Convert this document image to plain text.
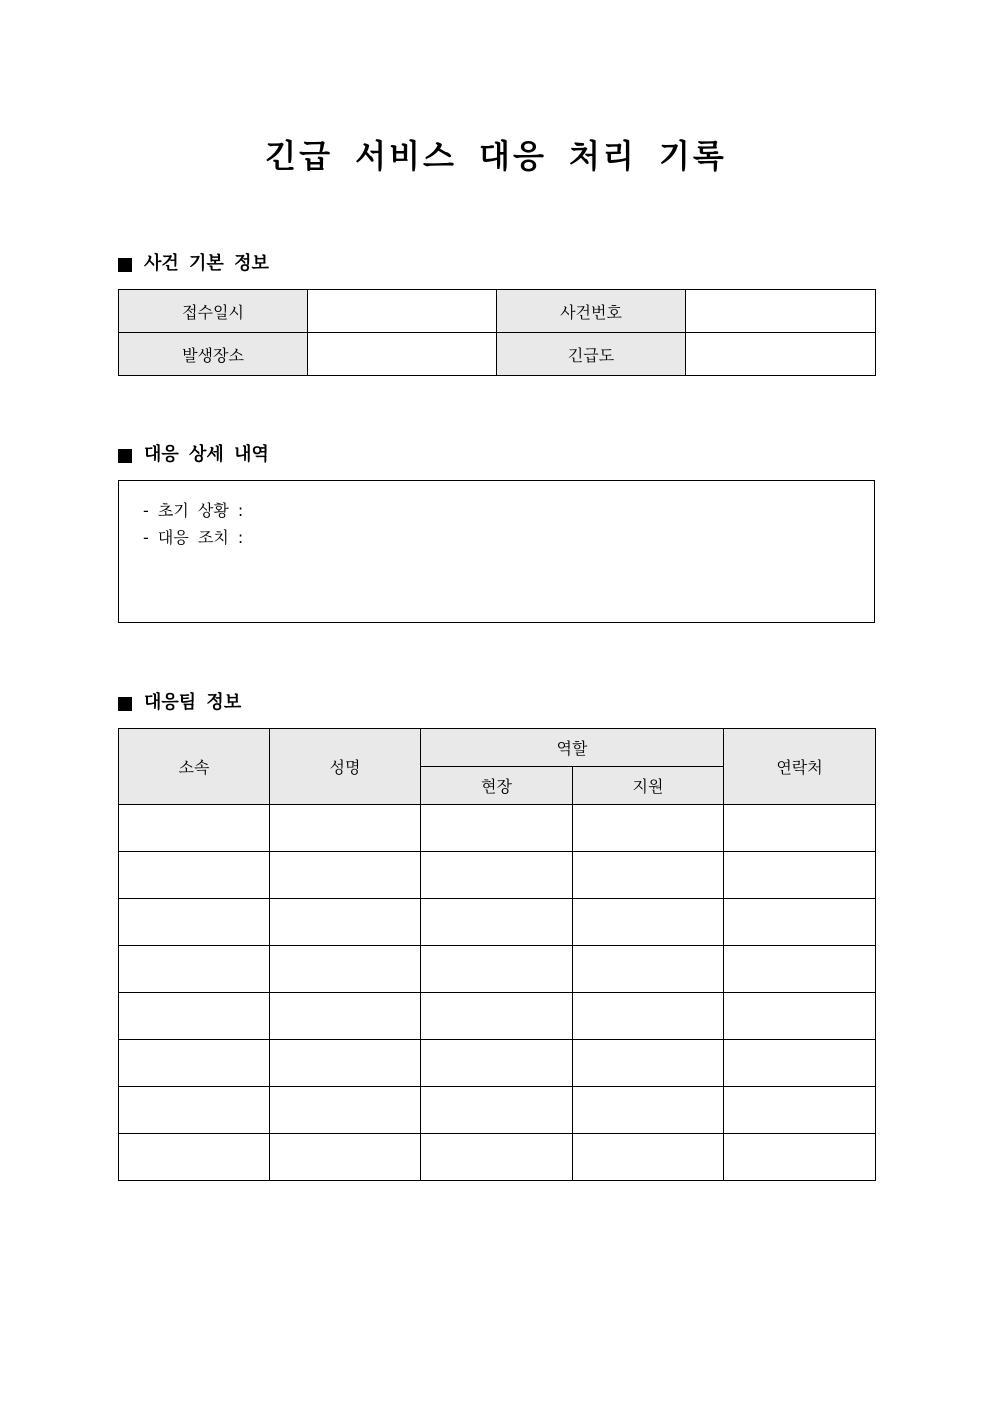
긴급 서비스 대응 처리 기록
사건 기본 정보
접수일시		사건번호	
발생장소		긴급도	
대응 상세 내역
- 초기 상황 :
- 대응 조치 :
대응팀 정보
소속	성명	역할		연락처
		현장	지원	
